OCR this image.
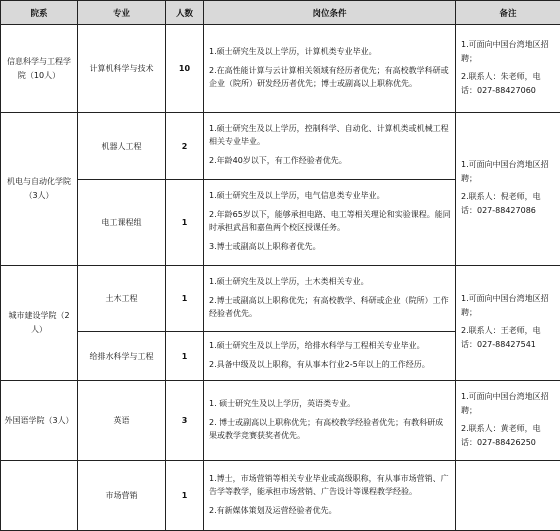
院系	专业	人数	岗位条件	备注
信息科学与工程学院（10人）	计算机科学与技术	10	1.硕士研究生及以上学历，计算机类专业毕业。
2.在高性能计算与云计算相关领域有经历者优先；有高校教学科研或企业（院所）研发经历者优先；博士或副高以上职称优先。	1.可面向中国台湾地区招聘；
2.联系人：朱老师，电话：027-88427060

机电与自动化学院（3人）	机器人工程	2	1.硕士研究生及以上学历，控制科学、自动化、计算机类或机械工程相关专业毕业。
2.年龄40岁以下，有工作经验者优先。	1.可面向中国台湾地区招聘；
2.联系人：倪老师，电话：027-88427086

	电工课程组	1	1.硕士研究生及以上学历，电气信息类专业毕业。
2.年龄65岁以下，能够承担电路、电工等相关理论和实验课程。能同时承担武昌和嘉鱼两个校区授课任务。
3.博士或副高以上职称者优先。	

城市建设学院（2人）	土木工程	1	1.硕士研究生及以上学历，土木类相关专业。
2.博士或副高以上职称优先；有高校教学、科研或企业（院所）工作经验者优先。	1.可面向中国台湾地区招聘；
2.联系人：王老师，电话：027-88427541

	给排水科学与工程	1	1.硕士研究生及以上学历，给排水科学与工程相关专业毕业。
2.具备中级及以上职称，有从事本行业2-5年以上的工作经历。	

外国语学院（3人）	英语	3	1. 硕士研究生及以上学历，英语类专业。
2. 博士或副高以上职称优先；有高校教学经验者优先；有教科研成果或教学竞赛获奖者优先。	1.可面向中国台湾地区招聘；
2.联系人：黄老师，电话：027-88426250

	市场营销	1	1.博士，市场营销等相关专业毕业或高级职称，有从事市场营销、广告学等教学，能承担市场营销、广告设计等课程教学经验。
2.有新媒体策划及运营经验者优先。	
